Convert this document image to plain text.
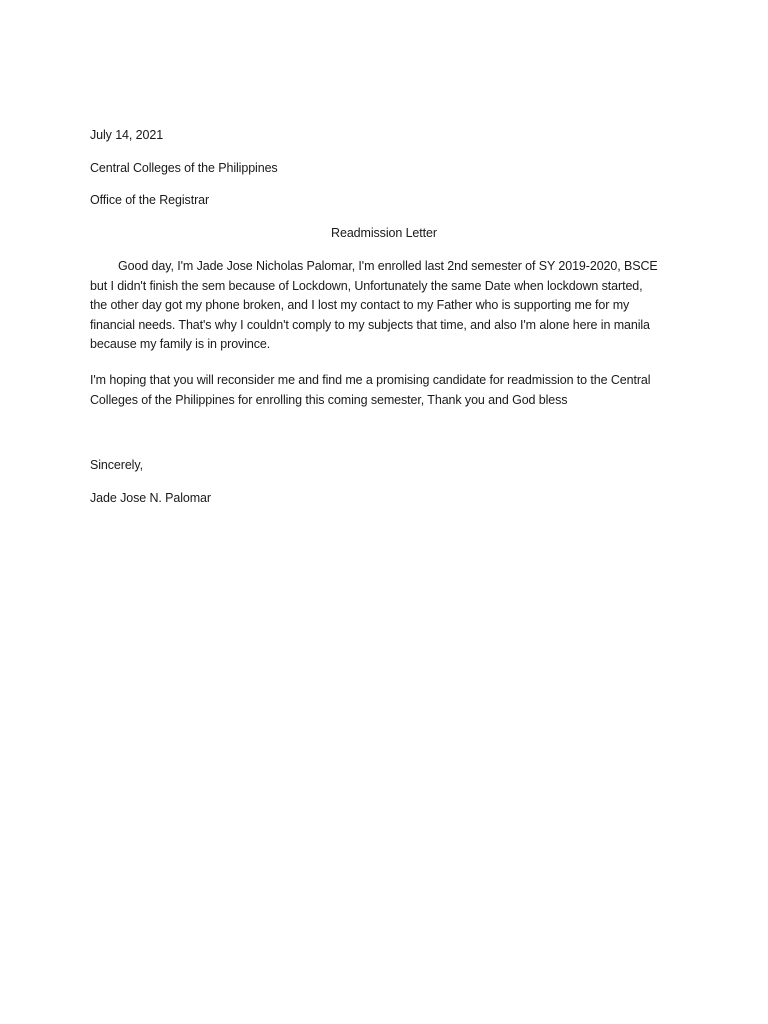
July 14, 2021
Central Colleges of the Philippines
Office of the Registrar
Readmission Letter
Good day, I'm Jade Jose Nicholas Palomar, I'm enrolled last 2nd semester of SY 2019-2020, BSCE
but I didn't finish the sem because of Lockdown, Unfortunately the same Date when lockdown started,
the other day got my phone broken, and I lost my contact to my Father who is supporting me for my
financial needs. That's why I couldn't comply to my subjects that time, and also I'm alone here in manila
because my family is in province.
I'm hoping that you will reconsider me and find me a promising candidate for readmission to the Central
Colleges of the Philippines for enrolling this coming semester, Thank you and God bless
Sincerely,
Jade Jose N. Palomar
